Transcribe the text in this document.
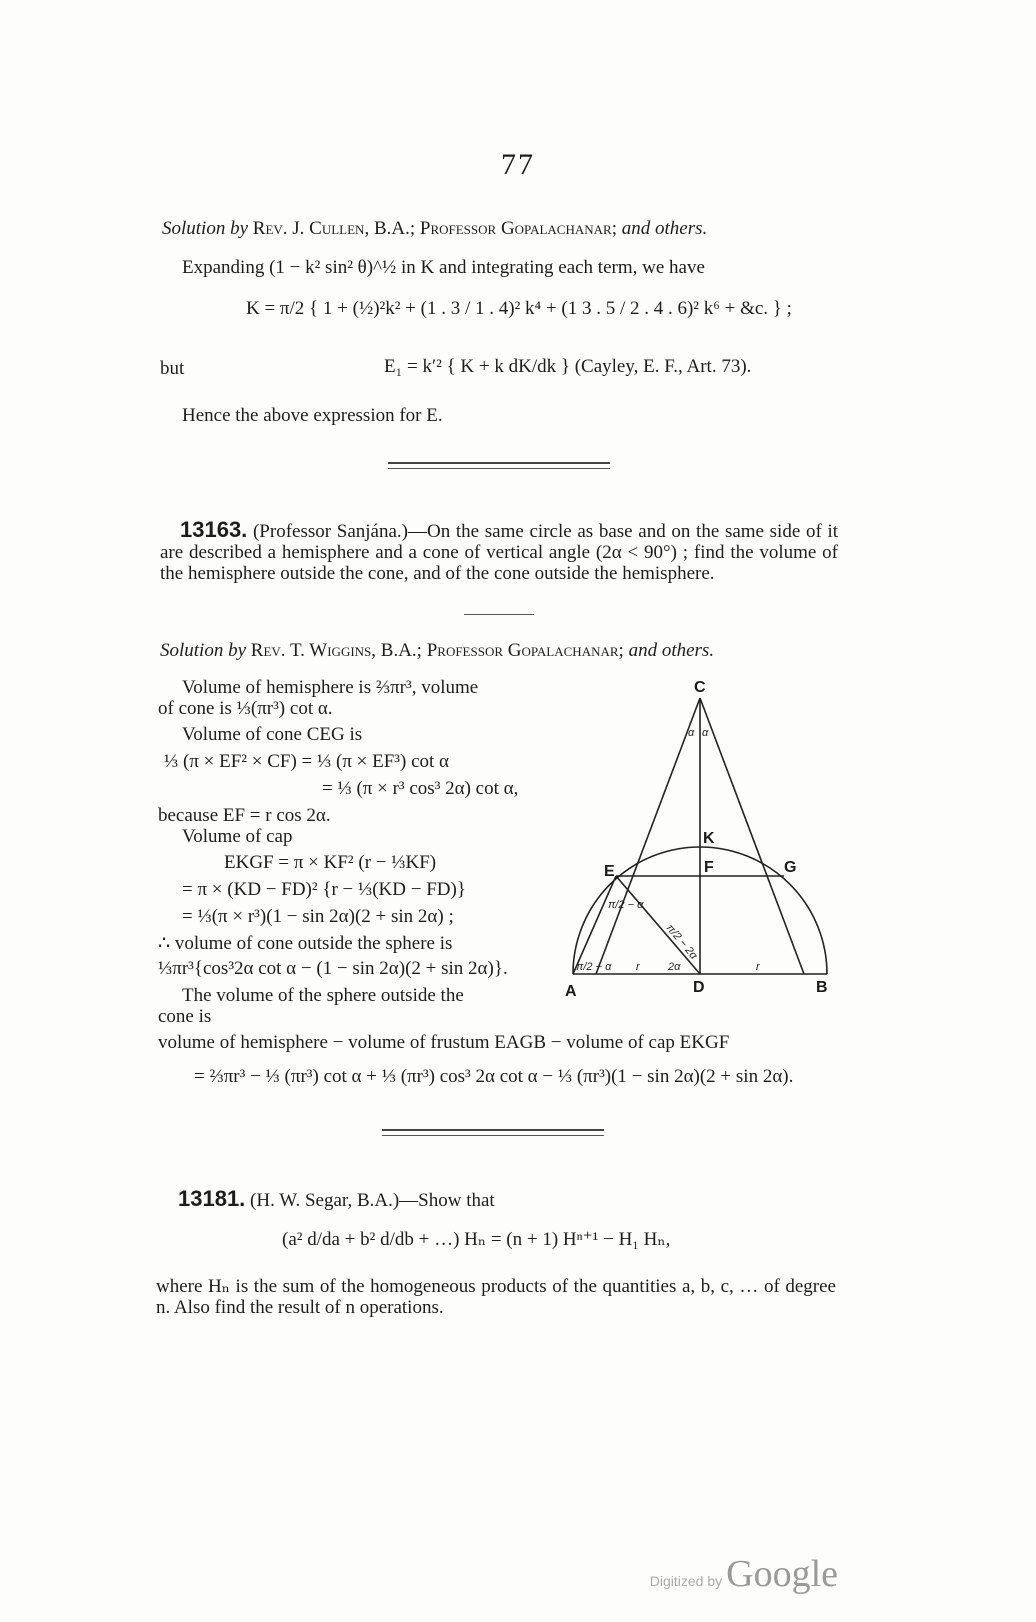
77
Solution by Rev. J. Cullen, B.A.; Professor Gopalachanar; and others.
Expanding (1 − k² sin² θ)^½ in K and integrating each term, we have
K = π/2 { 1 + (½)²k² + (1 . 3 / 1 . 4)² k⁴ + (1 3 . 5 / 2 . 4 . 6)² k⁶ + &c. } ;
but	E₁ = k′² { K + k dK/dk } (Cayley, E. F., Art. 73).
Hence the above expression for E.
13163. (Professor Sanjána.)—On the same circle as base and on the same side of it are described a hemisphere and a cone of vertical angle (2α < 90°) ; find the volume of the hemisphere outside the cone, and of the cone outside the hemisphere.
Solution by Rev. T. Wiggins, B.A.; Professor Gopalachanar; and others.
Volume of hemisphere is ⅔πr³, volume
of cone is ⅓(πr³) cot α.
Volume of cone CEG is
⅓ (π × EF² × CF) = ⅓ (π × EF³) cot α
= ⅓ (π × r³ cos³ 2α) cot α,
because EF = r cos 2α.
Volume of cap
EKGF = π × KF² (r − ⅓KF)
= π × (KD − FD)² {r − ⅓(KD − FD)}
= ⅓(π × r³)(1 − sin 2α)(2 + sin 2α) ;
∴ volume of cone outside the sphere is
⅓πr³{cos³2α cot α − (1 − sin 2α)(2 + sin 2α)}.
The volume of the sphere outside the
cone is
volume of hemisphere − volume of frustum EAGB − volume of cap EKGF
= ⅔πr³ − ⅓ (πr³) cot α + ⅓ (πr³) cos³ 2α cot α − ⅓ (πr³)(1 − sin 2α)(2 + sin 2α).
C
K
E	F	G
A	D	B
α α
π/2 − α
π/2 − α	2α
r	r
π/2 − 2α
13181. (H. W. Segar, B.A.)—Show that
(a² d/da + b² d/db + …) Hₙ = (n + 1) Hⁿ⁺¹ − H₁ Hₙ,
where Hₙ is the sum of the homogeneous products of the quantities a, b, c, … of degree n. Also find the result of n operations.
Digitized by Google
